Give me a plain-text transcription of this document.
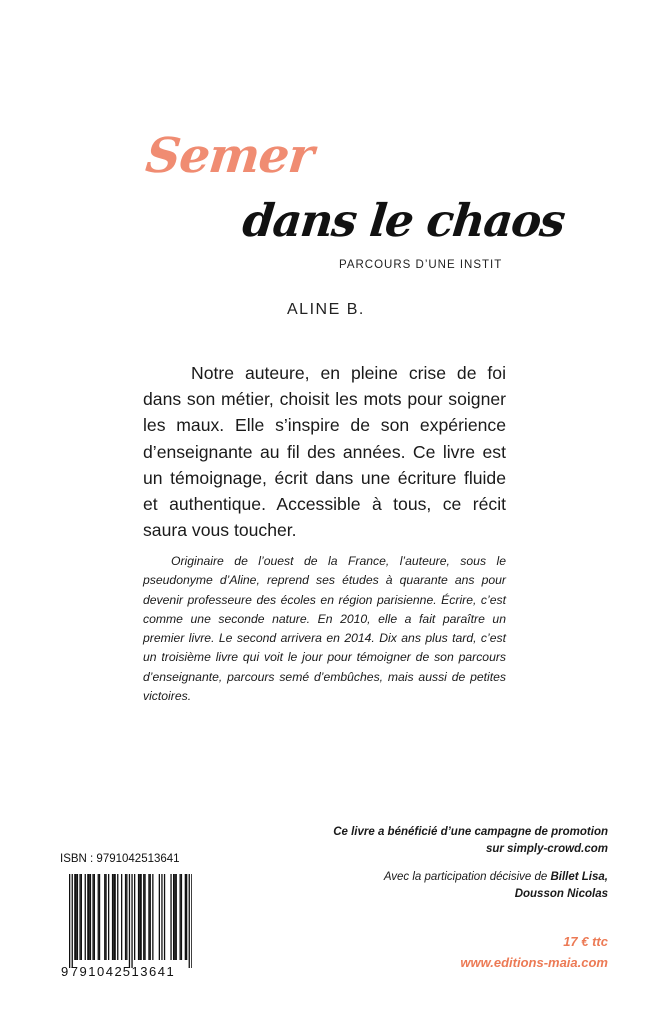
Semer
dans le chaos
PARCOURS D’UNE INSTIT
ALINE B.
Notre auteure, en pleine crise de foi dans son métier, choisit les mots pour soigner les maux. Elle s’inspire de son expérience d’enseignante au fil des années. Ce livre est un témoignage, écrit dans une écriture fluide et authentique. Accessible à tous, ce récit saura vous toucher.
Originaire de l’ouest de la France, l’auteure, sous le pseudonyme d’Aline, reprend ses études à quarante ans pour devenir professeure des écoles en région parisienne. Écrire, c’est comme une seconde nature. En 2010, elle a fait paraître un premier livre. Le second arrivera en 2014. Dix ans plus tard, c’est un troisième livre qui voit le jour pour témoigner de son parcours d’enseignante, parcours semé d’embûches, mais aussi de petites victoires.
Ce livre a bénéficié d’une campagne de promotion
sur simply-crowd.com
Avec la participation décisive de Billet Lisa,
Dousson Nicolas
17 € ttc
www.editions-maia.com
ISBN : 9791042513641
9 791042 513641
